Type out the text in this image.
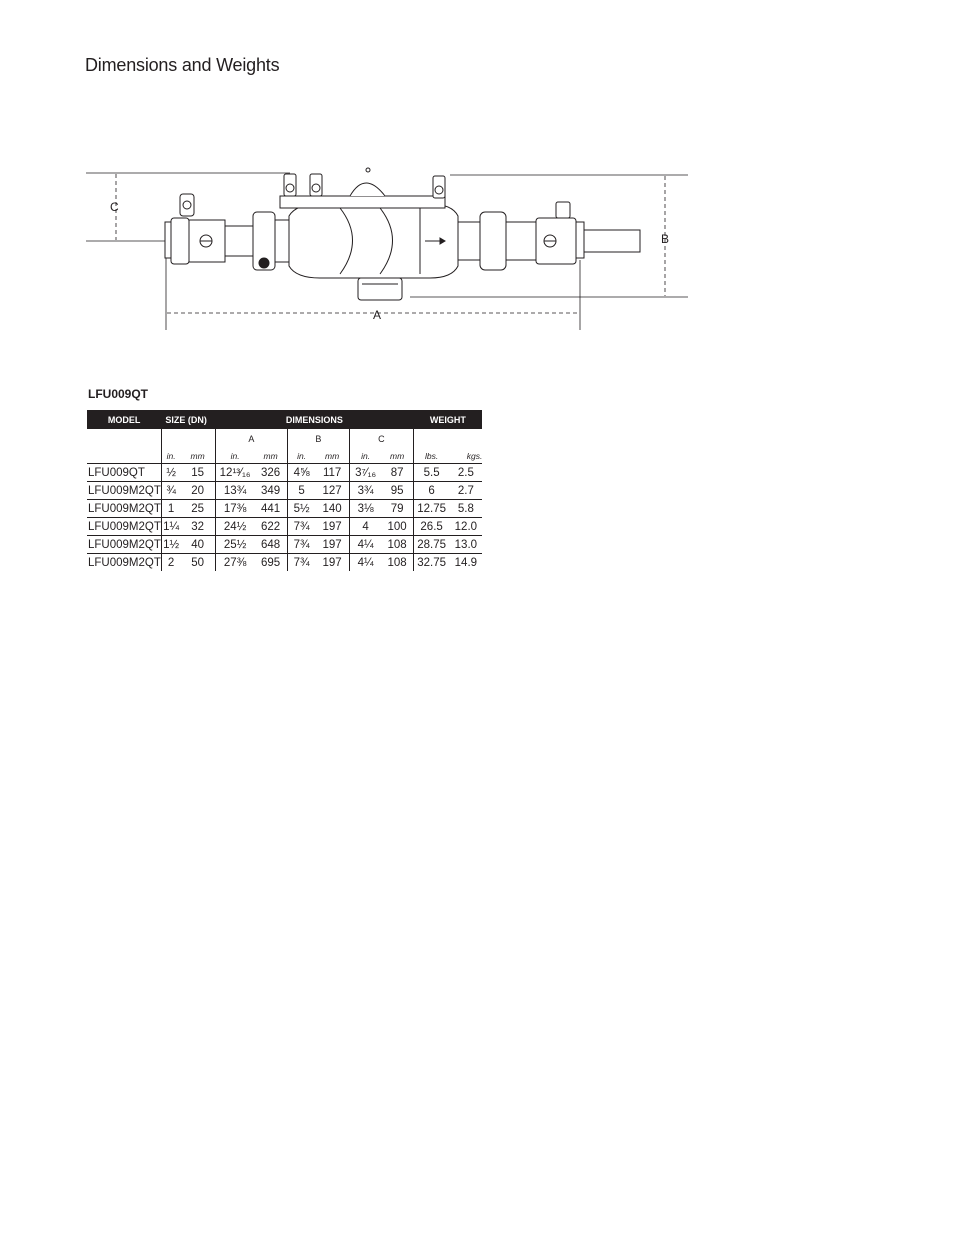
Dimensions and Weights
C
B
A
LFU009QT
MODEL	SIZE (DN)		DIMENSIONS						WEIGHT	
			A		B		C			
	in.	mm	in.	mm	in.	mm	in.	mm	lbs.	kgs.
LFU009QT	½	15	12¹³⁄₁₆	326	4⅝	117	3⁷⁄₁₆	87	5.5	2.5
LFU009M2QT	¾	20	13¾	349	5	127	3¾	95	6	2.7
LFU009M2QT	1	25	17⅜	441	5½	140	3⅛	79	12.75	5.8
LFU009M2QT	1¼	32	24½	622	7¾	197	4	100	26.5	12.0
LFU009M2QT	1½	40	25½	648	7¾	197	4¼	108	28.75	13.0
LFU009M2QT	2	50	27⅜	695	7¾	197	4¼	108	32.75	14.9
